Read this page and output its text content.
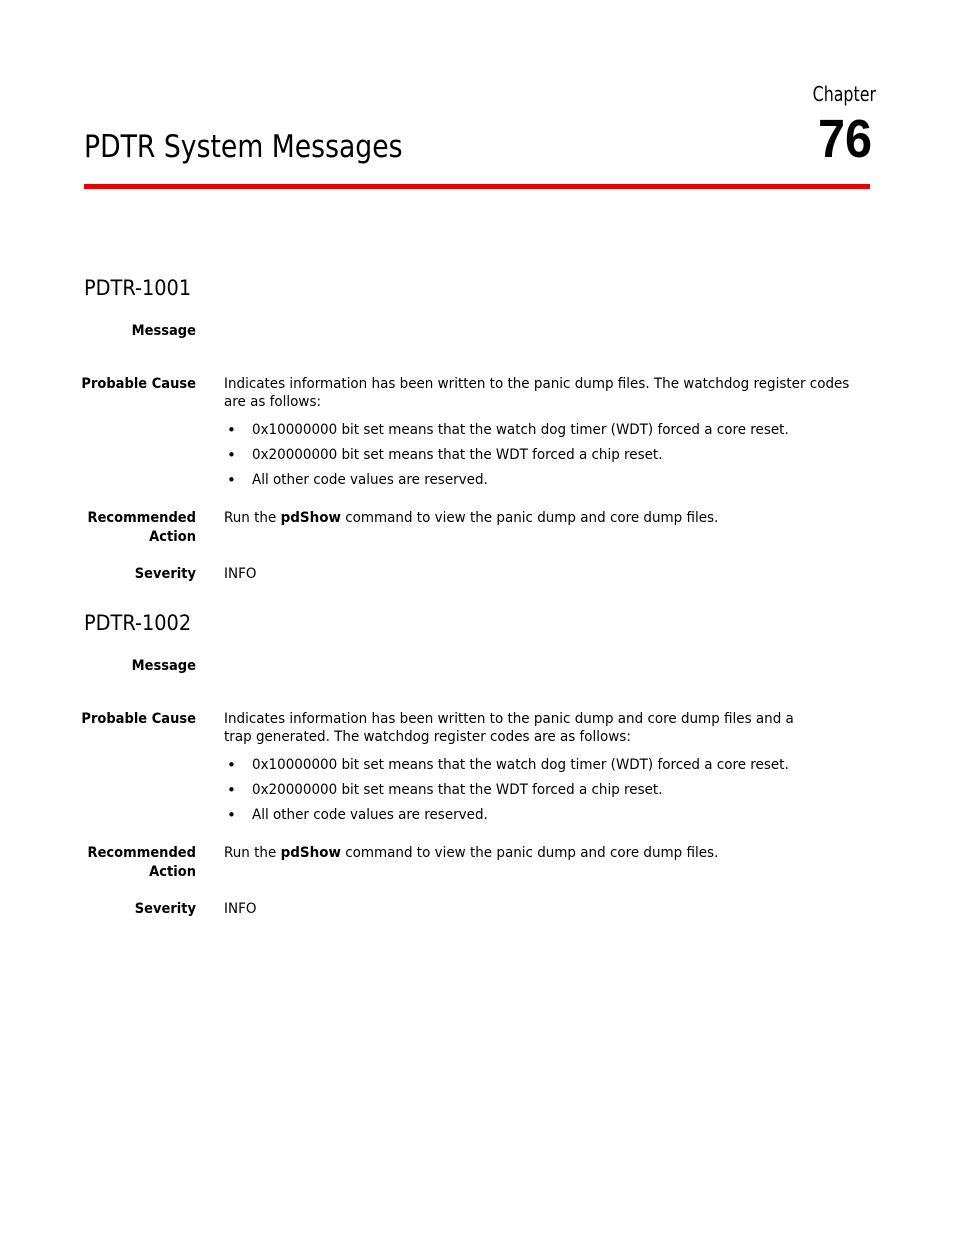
Chapter
76
PDTR System Messages
PDTR-1001
Message
Probable Cause Indicates information has been written to the panic dump files. The watchdog register codes are as follows:
• 0x10000000 bit set means that the watch dog timer (WDT) forced a core reset.
• 0x20000000 bit set means that the WDT forced a chip reset.
• All other code values are reserved.
Recommended
Action
Run the pdShow command to view the panic dump and core dump files.
Severity INFO
PDTR-1002
Message
Probable Cause Indicates information has been written to the panic dump and core dump files and a trap generated. The watchdog register codes are as follows:
• 0x10000000 bit set means that the watch dog timer (WDT) forced a core reset.
• 0x20000000 bit set means that the WDT forced a chip reset.
• All other code values are reserved.
Recommended
Action
Run the pdShow command to view the panic dump and core dump files.
Severity INFO
